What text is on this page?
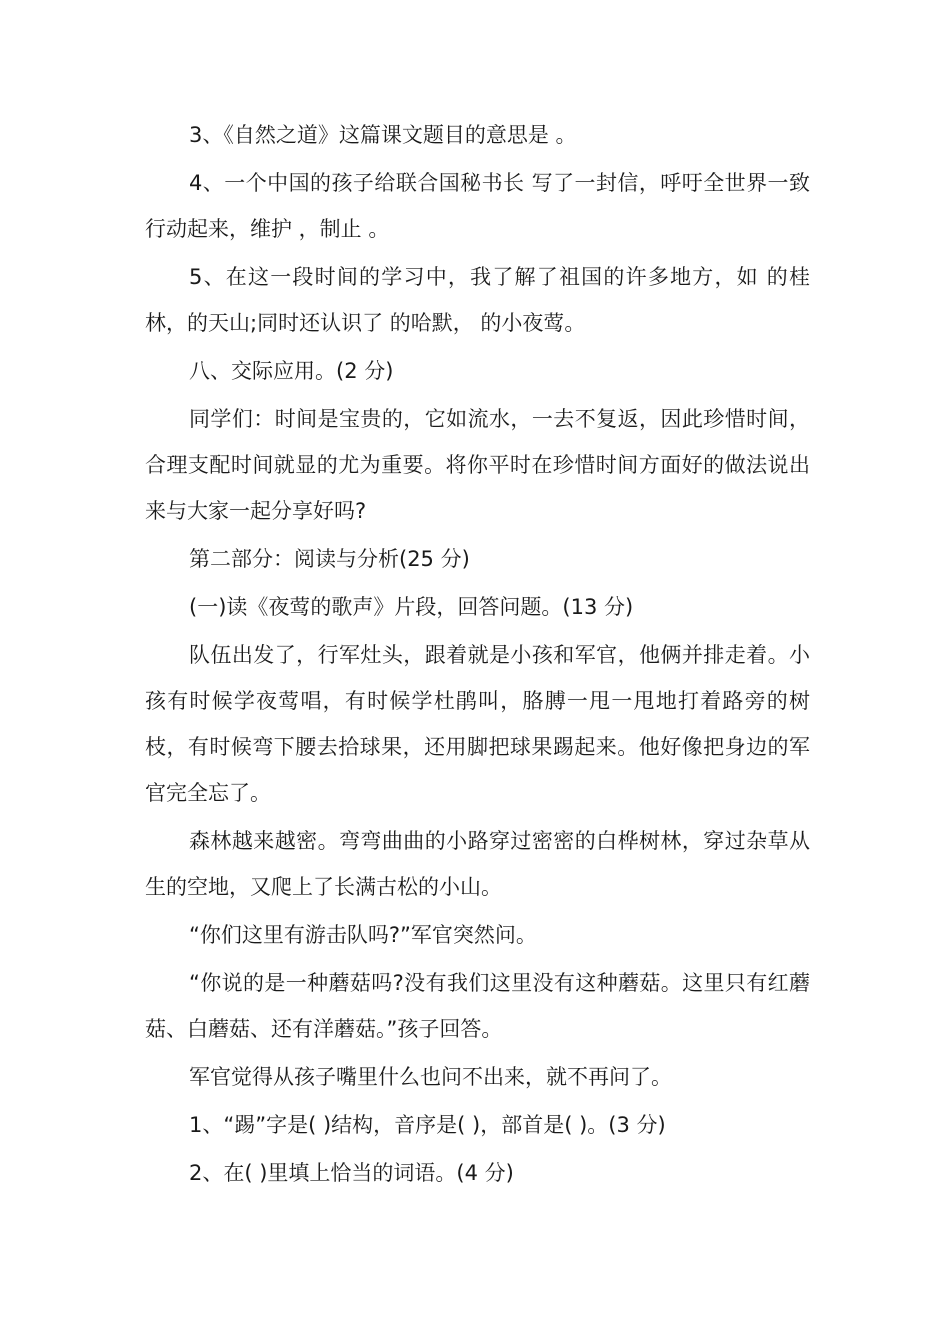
3、《自然之道》这篇课文题目的意思是 。

4、一个中国的孩子给联合国秘书长 写了一封信，呼吁全世界一致行动起来，维护 ，制止 。

5、在这一段时间的学习中，我了解了祖国的许多地方，如 的桂林，的天山;同时还认识了 的哈默， 的小夜莺。

八、交际应用。(2 分)

同学们：时间是宝贵的，它如流水，一去不复返，因此珍惜时间，合理支配时间就显的尤为重要。将你平时在珍惜时间方面好的做法说出来与大家一起分享好吗?

第二部分：阅读与分析(25 分)

(一)读《夜莺的歌声》片段，回答问题。(13 分)

队伍出发了，行军灶头，跟着就是小孩和军官，他俩并排走着。小孩有时候学夜莺唱，有时候学杜鹃叫，胳膊一甩一甩地打着路旁的树枝，有时候弯下腰去拾球果，还用脚把球果踢起来。他好像把身边的军官完全忘了。

森林越来越密。弯弯曲曲的小路穿过密密的白桦树林，穿过杂草从生的空地，又爬上了长满古松的小山。

“你们这里有游击队吗?”军官突然问。

“你说的是一种蘑菇吗?没有我们这里没有这种蘑菇。这里只有红蘑菇、白蘑菇、还有洋蘑菇。”孩子回答。

军官觉得从孩子嘴里什么也问不出来，就不再问了。

1、“踢”字是( )结构，音序是( )，部首是( )。(3 分)

2、在( )里填上恰当的词语。(4 分)
